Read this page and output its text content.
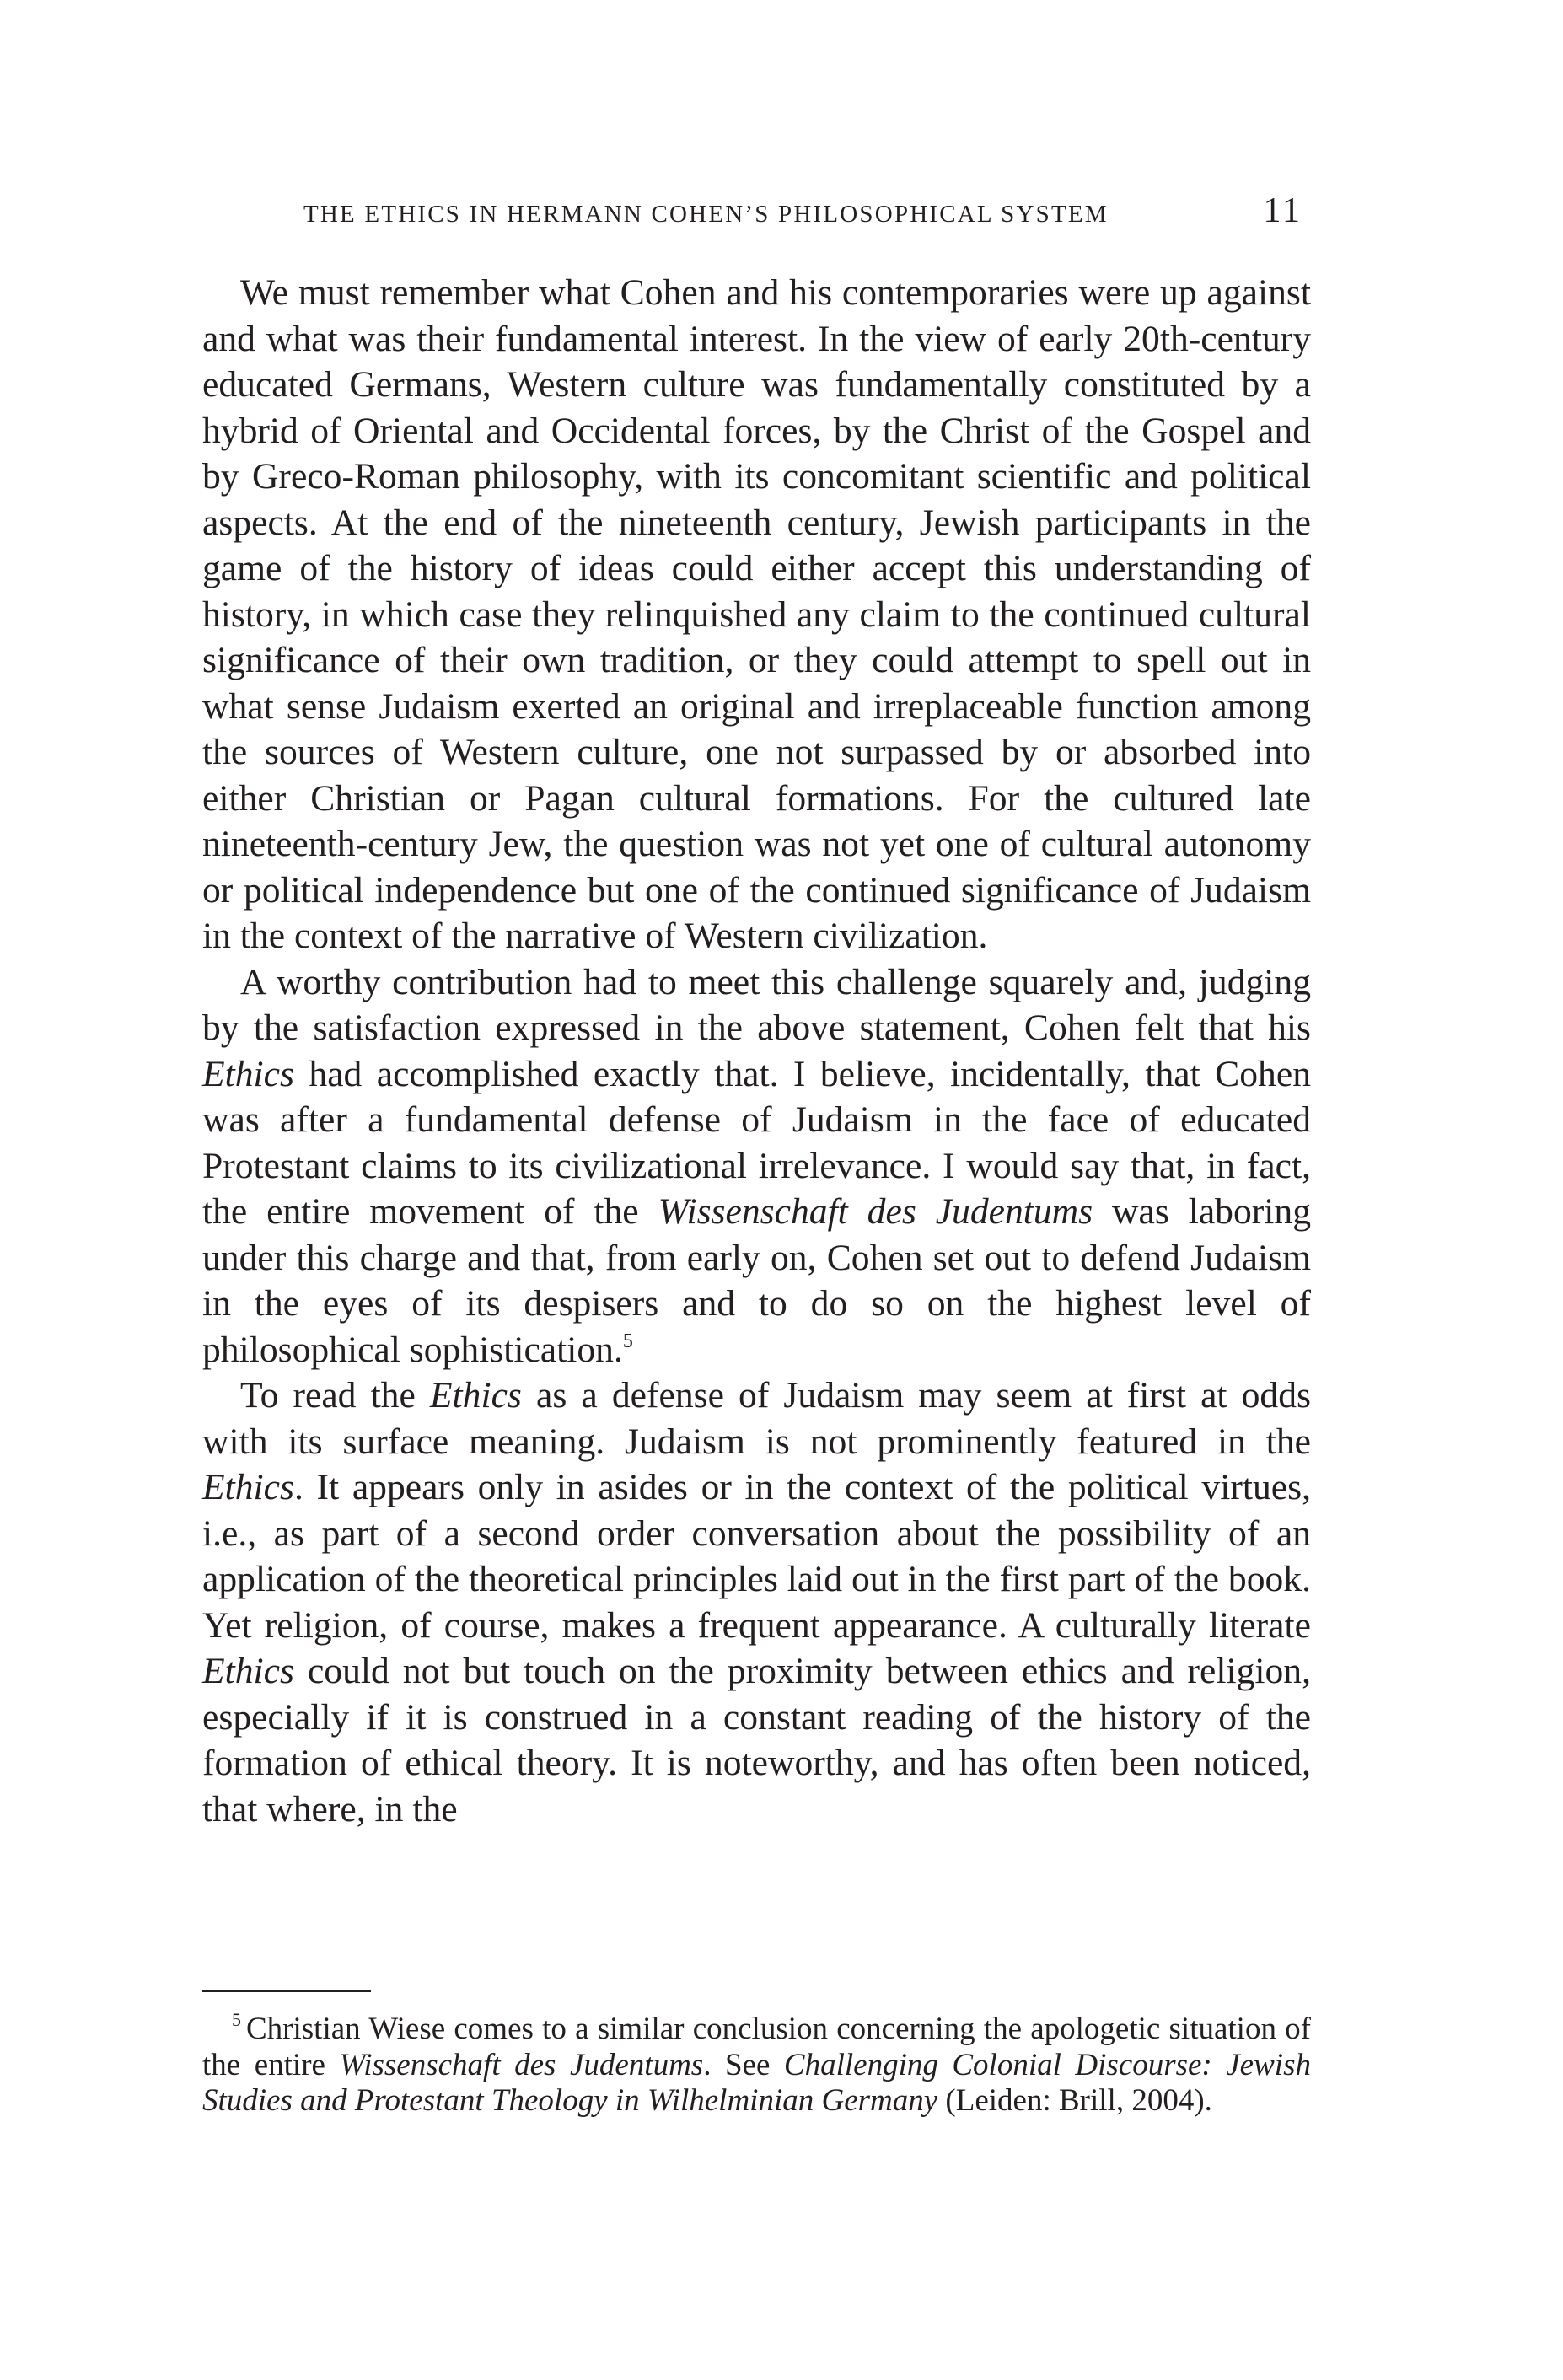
THE ETHICS IN HERMANN COHEN’S PHILOSOPHICAL SYSTEM	11

We must remember what Cohen and his contemporaries were up against and what was their fundamental interest. In the view of early 20th-century educated Germans, Western culture was fundamentally constituted by a hybrid of Oriental and Occidental forces, by the Christ of the Gospel and by Greco-Roman philosophy, with its concomitant scientific and political aspects. At the end of the nineteenth century, Jewish participants in the game of the history of ideas could either accept this understanding of history, in which case they relinquished any claim to the continued cultural significance of their own tradition, or they could attempt to spell out in what sense Judaism exerted an original and irreplaceable function among the sources of Western culture, one not surpassed by or absorbed into either Christian or Pagan cultural formations. For the cultured late nineteenth-century Jew, the question was not yet one of cultural autonomy or political independence but one of the continued significance of Judaism in the context of the narrative of Western civilization.

A worthy contribution had to meet this challenge squarely and, judging by the satisfaction expressed in the above statement, Cohen felt that his Ethics had accomplished exactly that. I believe, incidentally, that Cohen was after a fundamental defense of Judaism in the face of educated Protestant claims to its civilizational irrelevance. I would say that, in fact, the entire movement of the Wissenschaft des Judentums was laboring under this charge and that, from early on, Cohen set out to defend Judaism in the eyes of its despisers and to do so on the highest level of philosophical sophistication.$^5$

To read the Ethics as a defense of Judaism may seem at first at odds with its surface meaning. Judaism is not prominently featured in the Ethics. It appears only in asides or in the context of the political virtues, i.e., as part of a second order conversation about the possibility of an application of the theoretical principles laid out in the first part of the book. Yet religion, of course, makes a frequent appearance. A culturally literate Ethics could not but touch on the proximity between ethics and religion, especially if it is construed in a constant reading of the history of the formation of ethical theory. It is noteworthy, and has often been noticed, that where, in the

$^5$ Christian Wiese comes to a similar conclusion concerning the apologetic situation of the entire Wissenschaft des Judentums. See Challenging Colonial Discourse: Jewish Studies and Protestant Theology in Wilhelminian Germany (Leiden: Brill, 2004).
